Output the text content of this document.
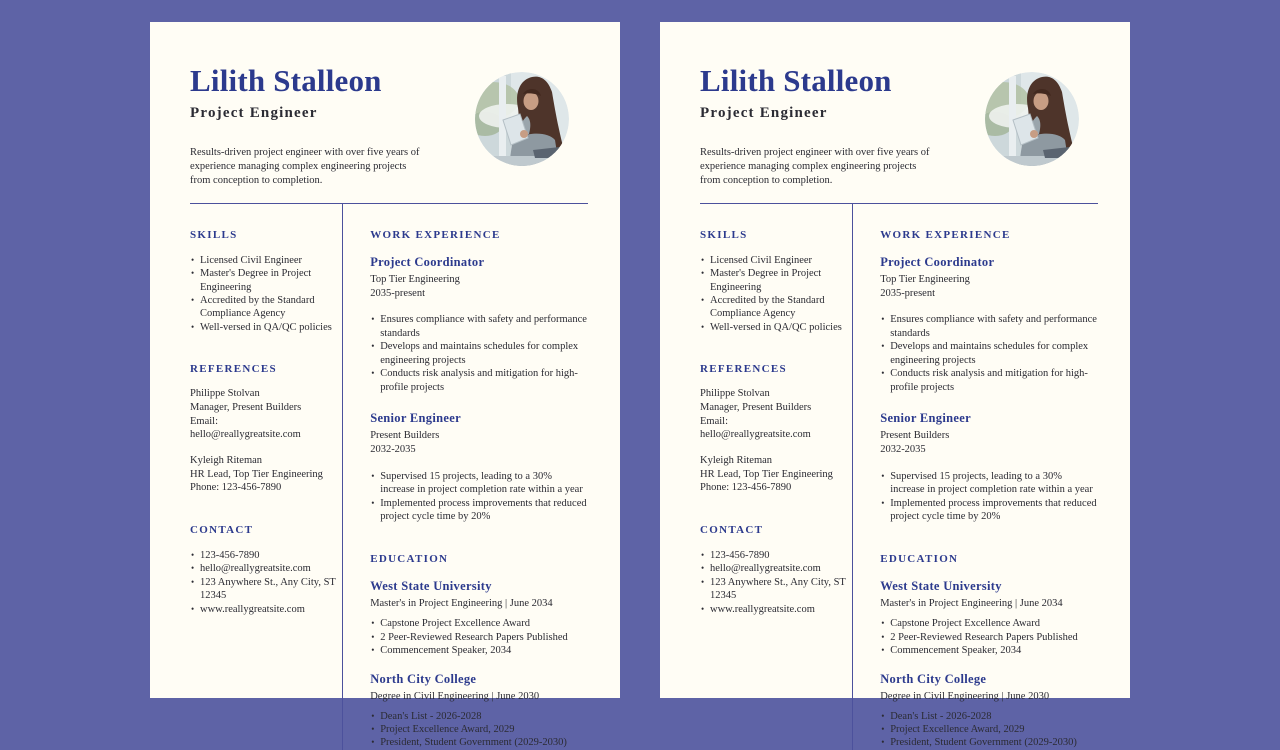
Lilith Stalleon
Project Engineer
Results-driven project engineer with over five years of experience managing complex engineering projects from conception to completion.
SKILLS
• Licensed Civil Engineer
• Master's Degree in Project Engineering
• Accredited by the Standard Compliance Agency
• Well-versed in QA/QC policies
REFERENCES

Philippe Stolvan

Manager, Present Builders

Email:

hello@reallygreatsite.com

Kyleigh Riteman

HR Lead, Top Tier Engineering

Phone: 123-456-7890

CONTACT
• 123-456-7890
• hello@reallygreatsite.com
• 123 Anywhere St., Any City, ST 12345
• www.reallygreatsite.com
WORK EXPERIENCE
Project Coordinator
Top Tier Engineering
2035-present
• Ensures compliance with safety and performance standards
• Develops and maintains schedules for complex engineering projects
• Conducts risk analysis and mitigation for high-profile projects
Senior Engineer
Present Builders
2032-2035
• Supervised 15 projects, leading to a 30% increase in project completion rate within a year
• Implemented process improvements that reduced project cycle time by 20%
EDUCATION
West State University
Master's in Project Engineering | June 2034
• Capstone Project Excellence Award
• 2 Peer-Reviewed Research Papers Published
• Commencement Speaker, 2034
North City College
Degree in Civil Engineering | June 2030
• Dean's List - 2026-2028
• Project Excellence Award, 2029
• President, Student Government (2029-2030)
Lilith Stalleon
Project Engineer
Results-driven project engineer with over five years of experience managing complex engineering projects from conception to completion.
SKILLS
• Licensed Civil Engineer
• Master's Degree in Project Engineering
• Accredited by the Standard Compliance Agency
• Well-versed in QA/QC policies
REFERENCES

Philippe Stolvan

Manager, Present Builders

Email:

hello@reallygreatsite.com

Kyleigh Riteman

HR Lead, Top Tier Engineering

Phone: 123-456-7890

CONTACT
• 123-456-7890
• hello@reallygreatsite.com
• 123 Anywhere St., Any City, ST 12345
• www.reallygreatsite.com
WORK EXPERIENCE
Project Coordinator
Top Tier Engineering
2035-present
• Ensures compliance with safety and performance standards
• Develops and maintains schedules for complex engineering projects
• Conducts risk analysis and mitigation for high-profile projects
Senior Engineer
Present Builders
2032-2035
• Supervised 15 projects, leading to a 30% increase in project completion rate within a year
• Implemented process improvements that reduced project cycle time by 20%
EDUCATION
West State University
Master's in Project Engineering | June 2034
• Capstone Project Excellence Award
• 2 Peer-Reviewed Research Papers Published
• Commencement Speaker, 2034
North City College
Degree in Civil Engineering | June 2030
• Dean's List - 2026-2028
• Project Excellence Award, 2029
• President, Student Government (2029-2030)
